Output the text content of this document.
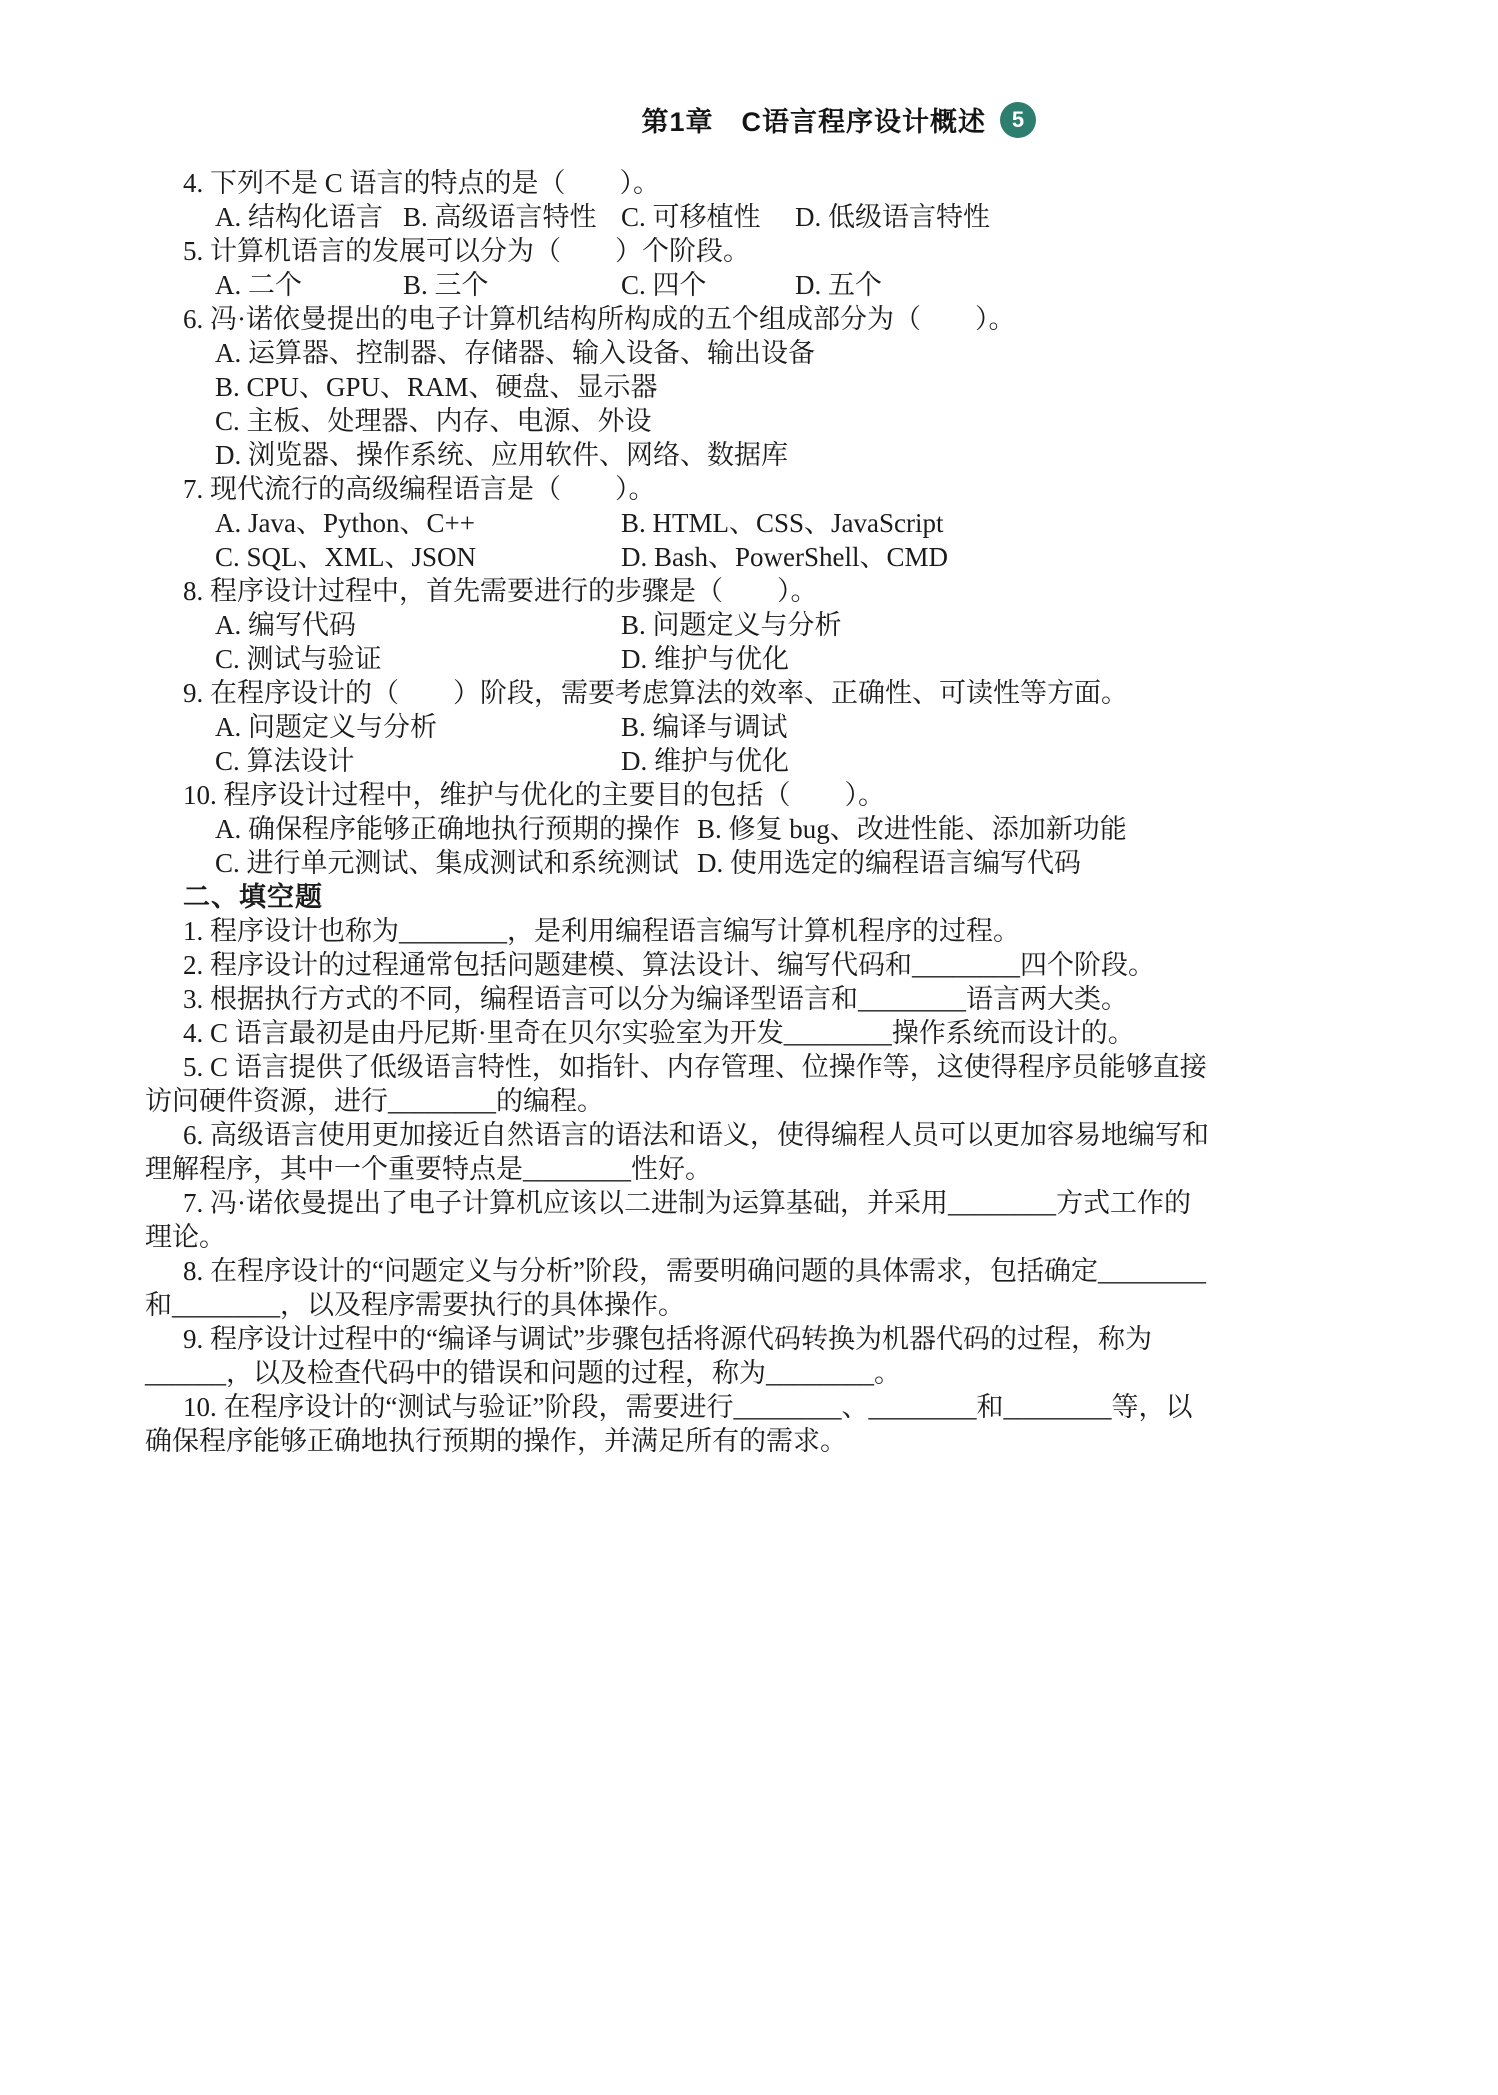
第1章　C语言程序设计概述 5

4. 下列不是 C 语言的特点的是（　　）。

A. 结构化语言 B. 高级语言特性 C. 可移植性	D. 低级语言特性

5. 计算机语言的发展可以分为（　　）个阶段。

A. 二个	B. 三个	C. 四个	D. 五个

6. 冯·诺依曼提出的电子计算机结构所构成的五个组成部分为（　　）。

A. 运算器、控制器、存储器、输入设备、输出设备

B. CPU、GPU、RAM、硬盘、显示器

C. 主板、处理器、内存、电源、外设

D. 浏览器、操作系统、应用软件、网络、数据库

7. 现代流行的高级编程语言是（　　）。

A. Java、Python、C++	B. HTML、CSS、JavaScript
C. SQL、XML、JSON	D. Bash、PowerShell、CMD

8. 程序设计过程中，首先需要进行的步骤是（　　）。

A. 编写代码	B. 问题定义与分析
C. 测试与验证	D. 维护与优化

9. 在程序设计的（　　）阶段，需要考虑算法的效率、正确性、可读性等方面。

A. 问题定义与分析	B. 编译与调试
C. 算法设计	D. 维护与优化

10. 程序设计过程中，维护与优化的主要目的包括（　　）。

A. 确保程序能够正确地执行预期的操作 B. 修复 bug、改进性能、添加新功能
C. 进行单元测试、集成测试和系统测试 D. 使用选定的编程语言编写代码

二、填空题

1. 程序设计也称为________，是利用编程语言编写计算机程序的过程。
2. 程序设计的过程通常包括问题建模、算法设计、编写代码和________四个阶段。
3. 根据执行方式的不同，编程语言可以分为编译型语言和________语言两大类。
4. C 语言最初是由丹尼斯·里奇在贝尔实验室为开发________操作系统而设计的。
5. C 语言提供了低级语言特性，如指针、内存管理、位操作等，这使得程序员能够直接
访问硬件资源，进行________的编程。
6. 高级语言使用更加接近自然语言的语法和语义，使得编程人员可以更加容易地编写和
理解程序，其中一个重要特点是________性好。
7. 冯·诺依曼提出了电子计算机应该以二进制为运算基础，并采用________方式工作的
理论。
8. 在程序设计的“问题定义与分析”阶段，需要明确问题的具体需求，包括确定________
和________，以及程序需要执行的具体操作。
9. 程序设计过程中的“编译与调试”步骤包括将源代码转换为机器代码的过程，称为
______，以及检查代码中的错误和问题的过程，称为________。
10. 在程序设计的“测试与验证”阶段，需要进行________、________和________等，以
确保程序能够正确地执行预期的操作，并满足所有的需求。
